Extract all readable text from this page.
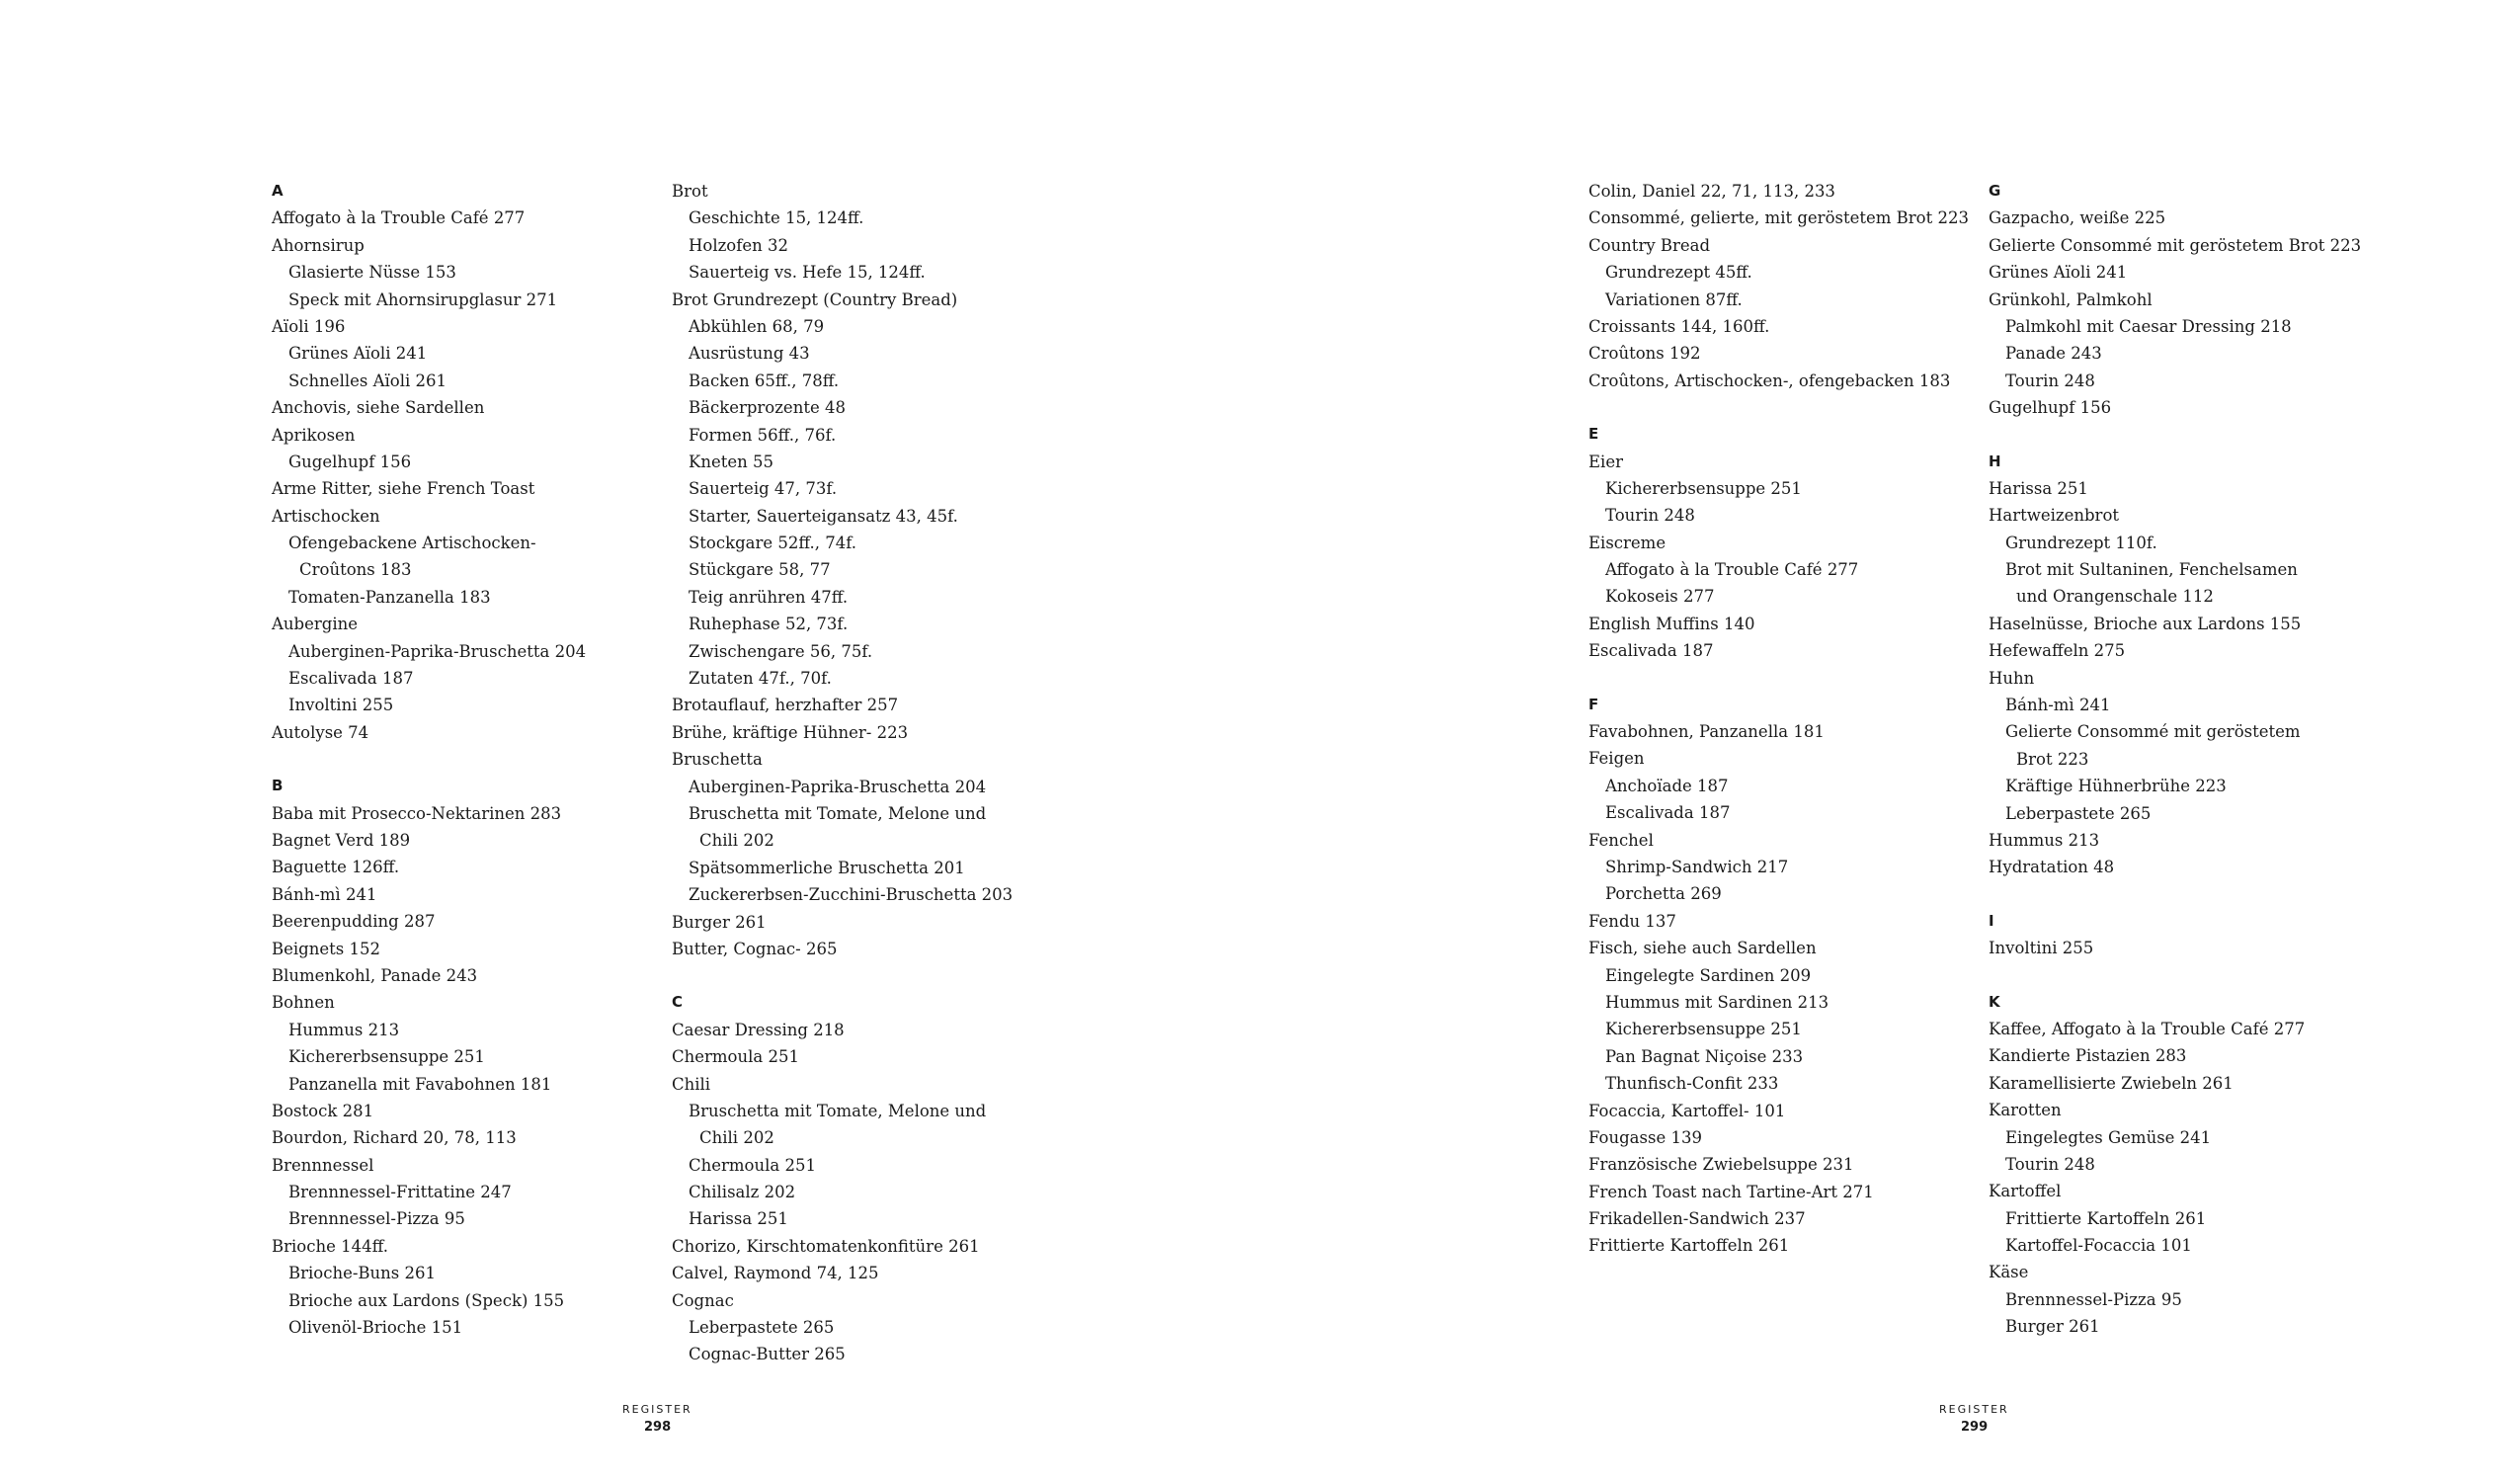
A
Affogato à la Trouble Café 277
Ahornsirup
Glasierte Nüsse 153
Speck mit Ahornsirupglasur 271
Aïoli 196
Grünes Aïoli 241
Schnelles Aïoli 261
Anchovis, siehe Sardellen
Aprikosen
Gugelhupf 156
Arme Ritter, siehe French Toast
Artischocken
Ofengebackene Artischocken-
Croûtons 183
Tomaten-Panzanella 183
Aubergine
Auberginen-Paprika-Bruschetta 204
Escalivada 187
Involtini 255
Autolyse 74
B
Baba mit Prosecco-Nektarinen 283
Bagnet Verd 189
Baguette 126ff.
Bánh-mì 241
Beerenpudding 287
Beignets 152
Blumenkohl, Panade 243
Bohnen
Hummus 213
Kichererbsensuppe 251
Panzanella mit Favabohnen 181
Bostock 281
Bourdon, Richard 20, 78, 113
Brennnessel
Brennnessel-Frittatine 247
Brennnessel-Pizza 95
Brioche 144ff.
Brioche-Buns 261
Brioche aux Lardons (Speck) 155
Olivenöl-Brioche 151
Brot
Geschichte 15, 124ff.
Holzofen 32
Sauerteig vs. Hefe 15, 124ff.
Brot Grundrezept (Country Bread)
Abkühlen 68, 79
Ausrüstung 43
Backen 65ff., 78ff.
Bäckerprozente 48
Formen 56ff., 76f.
Kneten 55
Sauerteig 47, 73f.
Starter, Sauerteigansatz 43, 45f.
Stockgare 52ff., 74f.
Stückgare 58, 77
Teig anrühren 47ff.
Ruhephase 52, 73f.
Zwischengare 56, 75f.
Zutaten 47f., 70f.
Brotauflauf, herzhafter 257
Brühe, kräftige Hühner- 223
Bruschetta
Auberginen-Paprika-Bruschetta 204
Bruschetta mit Tomate, Melone und
Chili 202
Spätsommerliche Bruschetta 201
Zuckererbsen-Zucchini-Bruschetta 203
Burger 261
Butter, Cognac- 265
C
Caesar Dressing 218
Chermoula 251
Chili
Bruschetta mit Tomate, Melone und
Chili 202
Chermoula 251
Chilisalz 202
Harissa 251
Chorizo, Kirschtomatenkonfitüre 261
Calvel, Raymond 74, 125
Cognac
Leberpastete 265
Cognac-Butter 265
Colin, Daniel 22, 71, 113, 233
Consommé, gelierte, mit geröstetem Brot 223
Country Bread
Grundrezept 45ff.
Variationen 87ff.
Croissants 144, 160ff.
Croûtons 192
Croûtons, Artischocken-, ofengebacken 183
E
Eier
Kichererbsensuppe 251
Tourin 248
Eiscreme
Affogato à la Trouble Café 277
Kokoseis 277
English Muffins 140
Escalivada 187
F
Favabohnen, Panzanella 181
Feigen
Anchoïade 187
Escalivada 187
Fenchel
Shrimp-Sandwich 217
Porchetta 269
Fendu 137
Fisch, siehe auch Sardellen
Eingelegte Sardinen 209
Hummus mit Sardinen 213
Kichererbsensuppe 251
Pan Bagnat Niçoise 233
Thunfisch-Confit 233
Focaccia, Kartoffel- 101
Fougasse 139
Französische Zwiebelsuppe 231
French Toast nach Tartine-Art 271
Frikadellen-Sandwich 237
Frittierte Kartoffeln 261
G
Gazpacho, weiße 225
Gelierte Consommé mit geröstetem Brot 223
Grünes Aïoli 241
Grünkohl, Palmkohl
Palmkohl mit Caesar Dressing 218
Panade 243
Tourin 248
Gugelhupf 156
H
Harissa 251
Hartweizenbrot
Grundrezept 110f.
Brot mit Sultaninen, Fenchelsamen
und Orangenschale 112
Haselnüsse, Brioche aux Lardons 155
Hefewaffeln 275
Huhn
Bánh-mì 241
Gelierte Consommé mit geröstetem
Brot 223
Kräftige Hühnerbrühe 223
Leberpastete 265
Hummus 213
Hydratation 48
I
Involtini 255
K
Kaffee, Affogato à la Trouble Café 277
Kandierte Pistazien 283
Karamellisierte Zwiebeln 261
Karotten
Eingelegtes Gemüse 241
Tourin 248
Kartoffel
Frittierte Kartoffeln 261
Kartoffel-Focaccia 101
Käse
Brennnessel-Pizza 95
Burger 261
REGISTER
298
REGISTER
299
